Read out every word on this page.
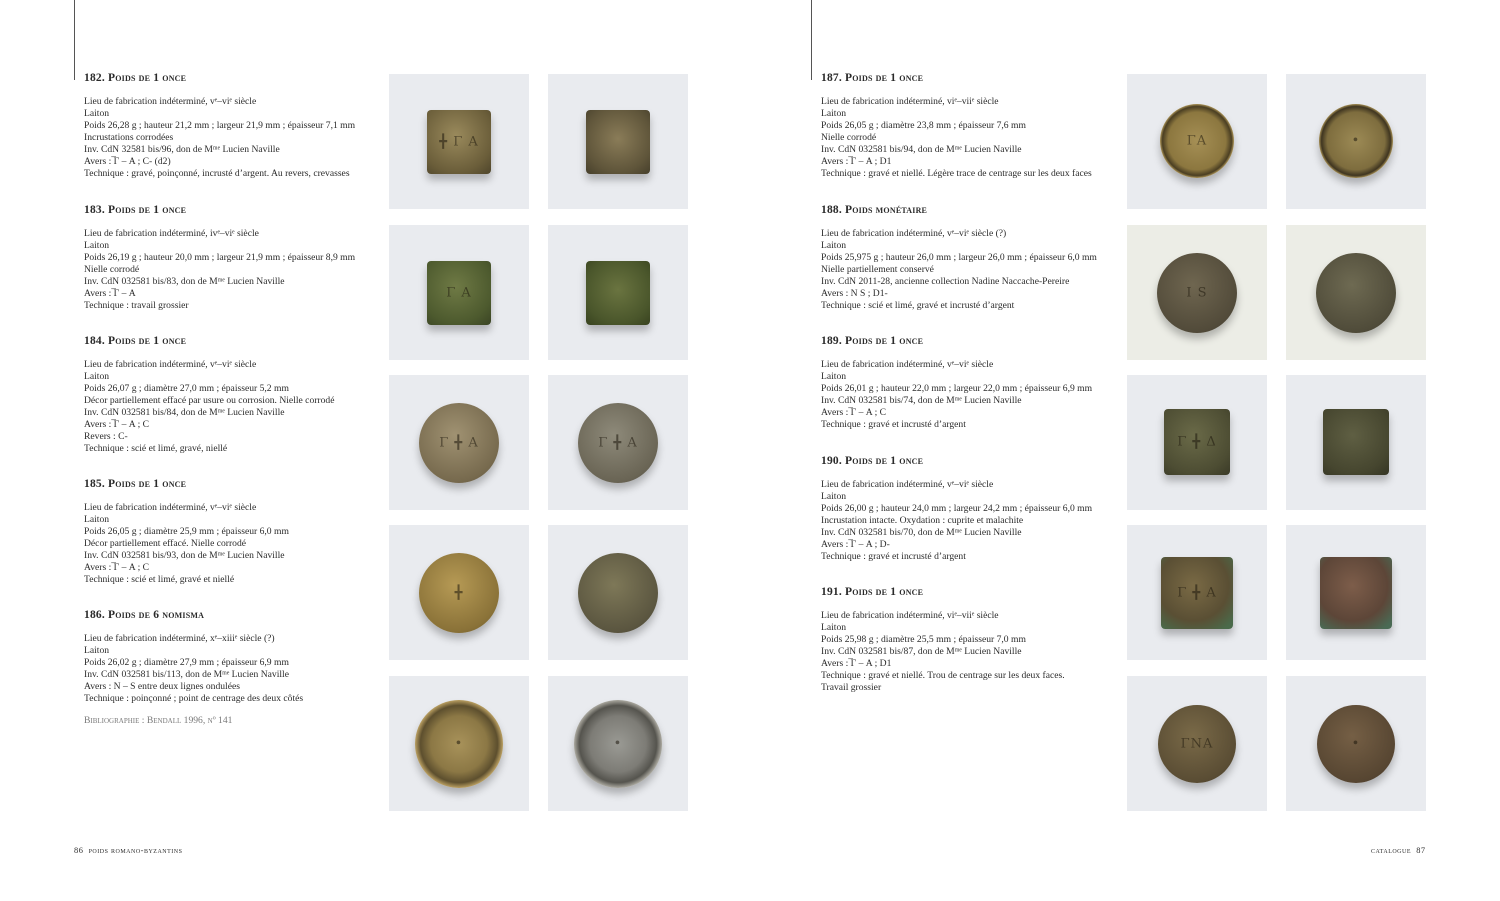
182. Poids de 1 once
Lieu de fabrication indéterminé, vᵉ–viᵉ siècle
Laiton
Poids 26,28 g ; hauteur 21,2 mm ; largeur 21,9 mm ; épaisseur 7,1 mm
Incrustations corrodées
Inv. CdN 32581 bis/96, don de Mᵐᵉ Lucien Naville
Avers : ̅Γ – A ; C- (d2)
Technique : gravé, poinçonné, incrusté d’argent. Au revers, crevasses
183. Poids de 1 once
Lieu de fabrication indéterminé, ivᵉ–viᵉ siècle
Laiton
Poids 26,19 g ; hauteur 20,0 mm ; largeur 21,9 mm ; épaisseur 8,9 mm
Nielle corrodé
Inv. CdN 032581 bis/83, don de Mᵐᵉ Lucien Naville
Avers : ̅Γ – A
Technique : travail grossier
184. Poids de 1 once
Lieu de fabrication indéterminé, vᵉ–viᵉ siècle
Laiton
Poids 26,07 g ; diamètre 27,0 mm ; épaisseur 5,2 mm
Décor partiellement effacé par usure ou corrosion. Nielle corrodé
Inv. CdN 032581 bis/84, don de Mᵐᵉ Lucien Naville
Avers : ̅Γ – A ; C
Revers : C-
Technique : scié et limé, gravé, niellé
185. Poids de 1 once
Lieu de fabrication indéterminé, vᵉ–viᵉ siècle
Laiton
Poids 26,05 g ; diamètre 25,9 mm ; épaisseur 6,0 mm
Décor partiellement effacé. Nielle corrodé
Inv. CdN 032581 bis/93, don de Mᵐᵉ Lucien Naville
Avers : ̅Γ – A ; C
Technique : scié et limé, gravé et niellé
186. Poids de 6 nomisma
Lieu de fabrication indéterminé, xᵉ–xiiiᵉ siècle (?)
Laiton
Poids 26,02 g ; diamètre 27,9 mm ; épaisseur 6,9 mm
Inv. CdN 032581 bis/113, don de Mᵐᵉ Lucien Naville
Avers : N – S entre deux lignes ondulées
Technique : poinçonné ; point de centrage des deux côtés
Bibliographie : Bendall 1996, nº 141
╋ Γ Α
Γ Α
Γ ╋ Α	Γ ╋ Α
╋
•	•
86 poids romano-byzantins
187. Poids de 1 once
Lieu de fabrication indéterminé, viᵉ–viiᵉ siècle
Laiton
Poids 26,05 g ; diamètre 23,8 mm ; épaisseur 7,6 mm
Nielle corrodé
Inv. CdN 032581 bis/94, don de Mᵐᵉ Lucien Naville
Avers : ̅Γ – A ; D1
Technique : gravé et niellé. Légère trace de centrage sur les deux faces
188. Poids monétaire
Lieu de fabrication indéterminé, vᵉ–viᵉ siècle (?)
Laiton
Poids 25,975 g ; hauteur 26,0 mm ; largeur 26,0 mm ; épaisseur 6,0 mm
Nielle partiellement conservé
Inv. CdN 2011-28, ancienne collection Nadine Naccache-Pereire
Avers : N S ; D1-
Technique : scié et limé, gravé et incrusté d’argent
189. Poids de 1 once
Lieu de fabrication indéterminé, vᵉ–viᵉ siècle
Laiton
Poids 26,01 g ; hauteur 22,0 mm ; largeur 22,0 mm ; épaisseur 6,9 mm
Inv. CdN 032581 bis/74, don de Mᵐᵉ Lucien Naville
Avers : ̅Γ – A ; C
Technique : gravé et incrusté d’argent
190. Poids de 1 once
Lieu de fabrication indéterminé, vᵉ–viᵉ siècle
Laiton
Poids 26,00 g ; hauteur 24,0 mm ; largeur 24,2 mm ; épaisseur 6,0 mm
Incrustation intacte. Oxydation : cuprite et malachite
Inv. CdN 032581 bis/70, don de Mᵐᵉ Lucien Naville
Avers : ̅Γ – A ; D-
Technique : gravé et incrusté d’argent
191. Poids de 1 once
Lieu de fabrication indéterminé, viᵉ–viiᵉ siècle
Laiton
Poids 25,98 g ; diamètre 25,5 mm ; épaisseur 7,0 mm
Inv. CdN 032581 bis/87, don de Mᵐᵉ Lucien Naville
Avers : ̅Γ – A ; D1
Technique : gravé et niellé. Trou de centrage sur les deux faces.
Travail grossier
ΓΑ	•
Ι Ѕ
Γ ╋ Δ
Γ ╋ Α
ΓΝΑ	•
catalogue 87
